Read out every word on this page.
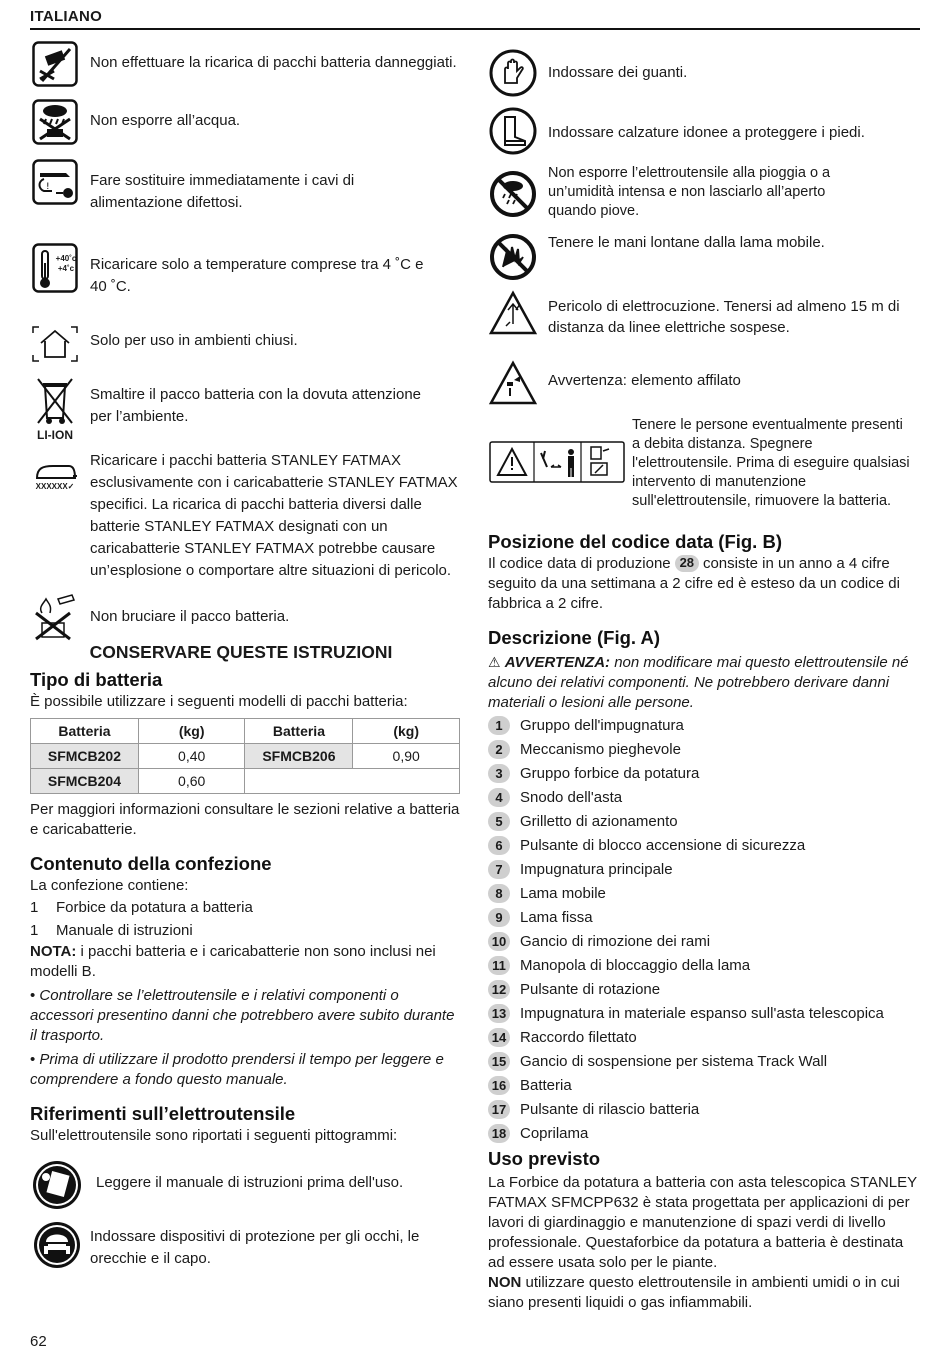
ITALIANO
Non effettuare la ricarica di pacchi batteria danneggiati.
Non esporre all’acqua.
!	Fare sostituire immediatamente i cavi di alimentazione difettosi.
+40˚c
+4˚c Ricaricare solo a temperature comprese tra 4 ˚C e 40 ˚C.
Solo per uso in ambienti chiusi.
LI-ION
Smaltire il pacco batteria con la dovuta attenzione per l’ambiente.
XXXXXX✓
Ricaricare i pacchi batteria STANLEY FATMAX esclusivamente con i caricabatterie STANLEY FATMAX specifici. La ricarica di pacchi batteria diversi dalle batterie STANLEY FATMAX designati con un caricabatterie STANLEY FATMAX potrebbe causare un’esplosione o comportare altre situazioni di pericolo.
Non bruciare il pacco batteria.
CONSERVARE QUESTE ISTRUZIONI
Tipo di batteria

È possibile utilizzare i seguenti modelli di pacchi batteria:

Batteria	(kg)	Batteria	(kg)
SFMCB202	0,40	SFMCB206	0,90
SFMCB204	0,60		

Per maggiori informazioni consultare le sezioni relative a batteria e caricabatterie.

Contenuto della confezione

La confezione contiene:

1	Forbice da potatura a batteria
1	Manuale di istruzioni

NOTA: i pacchi batteria e i caricabatterie non sono inclusi nei modelli B.

• Controllare se l’elettroutensile e i relativi componenti o accessori presentino danni che potrebbero avere subito durante il trasporto.

• Prima di utilizzare il prodotto prendersi il tempo per leggere e comprendere a fondo questo manuale.

Riferimenti sull’elettroutensile

Sull'elettroutensile sono riportati i seguenti pittogrammi:

Leggere il manuale di istruzioni prima dell'uso.
Indossare dispositivi di protezione per gli occhi, le orecchie e il capo.
Indossare dei guanti.
Indossare calzature idonee a proteggere i piedi.
Non esporre l’elettroutensile alla pioggia o a un’umidità intensa e non lasciarlo all’aperto quando piove.
Tenere le mani lontane dalla lama mobile.
Pericolo di elettrocuzione. Tenersi ad almeno 15 m di distanza da linee elettriche sospese.
Avvertenza: elemento affilato
Tenere le persone eventualmente presenti a debita distanza. Spegnere l'elettroutensile. Prima di eseguire qualsiasi intervento di manutenzione sull'elettroutensile, rimuovere la batteria.
Posizione del codice data (Fig. B)

Il codice data di produzione 28 consiste in un anno a 4 cifre seguito da una settimana a 2 cifre ed è esteso da un codice di fabbrica a 2 cifre.

Descrizione (Fig. A)

⚠ AVVERTENZA: non modificare mai questo elettroutensile né alcuno dei relativi componenti. Ne potrebbero derivare danni materiali o lesioni alle persone.

1	Gruppo dell'impugnatura
2	Meccanismo pieghevole
3	Gruppo forbice da potatura
4	Snodo dell'asta
5	Grilletto di azionamento
6	Pulsante di blocco accensione di sicurezza
7	Impugnatura principale
8	Lama mobile
9	Lama fissa
10 Gancio di rimozione dei rami
11 Manopola di bloccaggio della lama
12 Pulsante di rotazione
13 Impugnatura in materiale espanso sull'asta telescopica
14 Raccordo filettato
15 Gancio di sospensione per sistema Track Wall
16 Batteria
17 Pulsante di rilascio batteria
18 Coprilama
Uso previsto

La Forbice da potatura a batteria con asta telescopica STANLEY FATMAX SFMCPP632 è stata progettata per applicazioni di per lavori di giardinaggio e manutenzione di spazi verdi di livello professionale. Questaforbice da potatura a batteria è destinata ad essere usata solo per le piante.

NON utilizzare questo elettroutensile in ambienti umidi o in cui siano presenti liquidi o gas infiammabili.

62
